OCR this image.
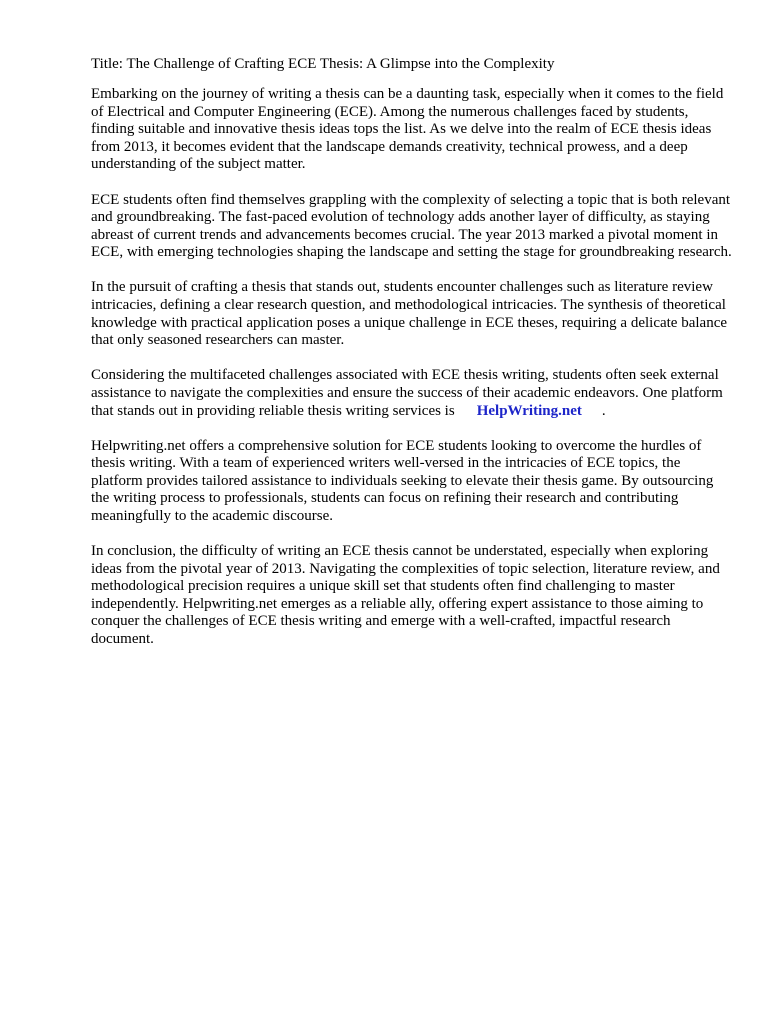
Title: The Challenge of Crafting ECE Thesis: A Glimpse into the Complexity

Embarking on the journey of writing a thesis can be a daunting task, especially when it comes to the field of Electrical and Computer Engineering (ECE). Among the numerous challenges faced by students, finding suitable and innovative thesis ideas tops the list. As we delve into the realm of ECE thesis ideas from 2013, it becomes evident that the landscape demands creativity, technical prowess, and a deep understanding of the subject matter.

ECE students often find themselves grappling with the complexity of selecting a topic that is both relevant and groundbreaking. The fast-paced evolution of technology adds another layer of difficulty, as staying abreast of current trends and advancements becomes crucial. The year 2013 marked a pivotal moment in ECE, with emerging technologies shaping the landscape and setting the stage for groundbreaking research.

In the pursuit of crafting a thesis that stands out, students encounter challenges such as literature review intricacies, defining a clear research question, and methodological intricacies. The synthesis of theoretical knowledge with practical application poses a unique challenge in ECE theses, requiring a delicate balance that only seasoned researchers can master.

Considering the multifaceted challenges associated with ECE thesis writing, students often seek external assistance to navigate the complexities and ensure the success of their academic endeavors. One platform that stands out in providing reliable thesis writing services is HelpWriting.net .

Helpwriting.net offers a comprehensive solution for ECE students looking to overcome the hurdles of thesis writing. With a team of experienced writers well-versed in the intricacies of ECE topics, the platform provides tailored assistance to individuals seeking to elevate their thesis game. By outsourcing the writing process to professionals, students can focus on refining their research and contributing meaningfully to the academic discourse.

In conclusion, the difficulty of writing an ECE thesis cannot be understated, especially when exploring ideas from the pivotal year of 2013. Navigating the complexities of topic selection, literature review, and methodological precision requires a unique skill set that students often find challenging to master independently. Helpwriting.net emerges as a reliable ally, offering expert assistance to those aiming to conquer the challenges of ECE thesis writing and emerge with a well-crafted, impactful research document.
